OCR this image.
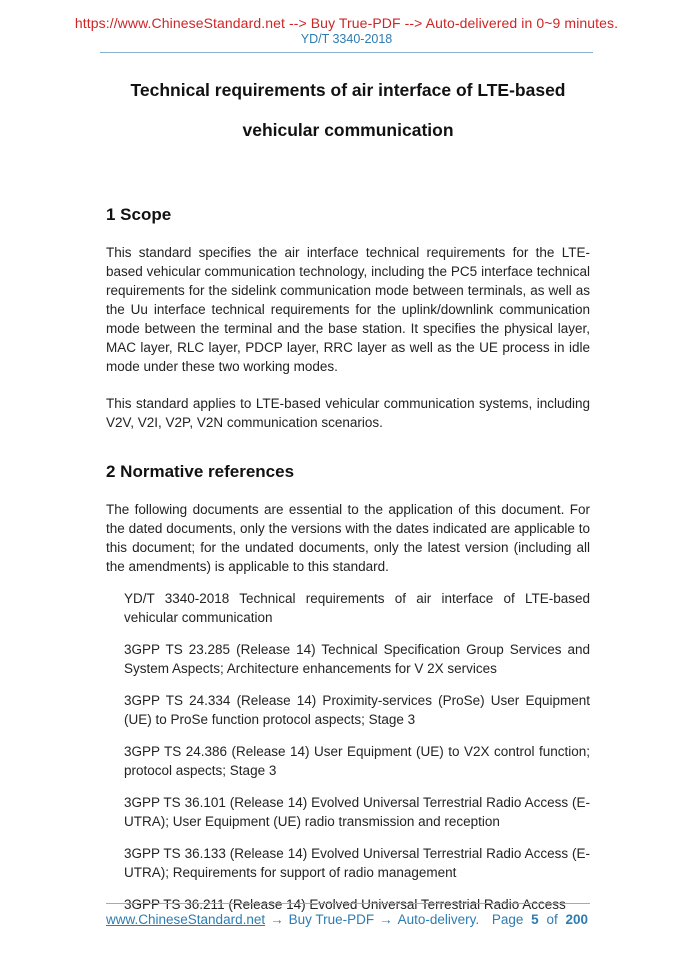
https://www.ChineseStandard.net --> Buy True-PDF --> Auto-delivered in 0~9 minutes.
YD/T 3340-2018
Technical requirements of air interface of LTE-based
vehicular communication
1 Scope

This standard specifies the air interface technical requirements for the LTE-based vehicular communication technology, including the PC5 interface technical requirements for the sidelink communication mode between terminals, as well as the Uu interface technical requirements for the uplink/downlink communication mode between the terminal and the base station. It specifies the physical layer, MAC layer, RLC layer, PDCP layer, RRC layer as well as the UE process in idle mode under these two working modes.

This standard applies to LTE-based vehicular communication systems, including V2V, V2I, V2P, V2N communication scenarios.

2 Normative references

The following documents are essential to the application of this document. For the dated documents, only the versions with the dates indicated are applicable to this document; for the undated documents, only the latest version (including all the amendments) is applicable to this standard.

YD/T 3340-2018 Technical requirements of air interface of LTE-based vehicular communication

3GPP TS 23.285 (Release 14) Technical Specification Group Services and System Aspects; Architecture enhancements for V 2X services

3GPP TS 24.334 (Release 14) Proximity-services (ProSe) User Equipment (UE) to ProSe function protocol aspects; Stage 3

3GPP TS 24.386 (Release 14) User Equipment (UE) to V2X control function; protocol aspects; Stage 3

3GPP TS 36.101 (Release 14) Evolved Universal Terrestrial Radio Access (E-UTRA); User Equipment (UE) radio transmission and reception

3GPP TS 36.133 (Release 14) Evolved Universal Terrestrial Radio Access (E-UTRA); Requirements for support of radio management

3GPP TS 36.211 (Release 14) Evolved Universal Terrestrial Radio Access

www.ChineseStandard.net → Buy True-PDF → Auto-delivery. Page 5 of 200
